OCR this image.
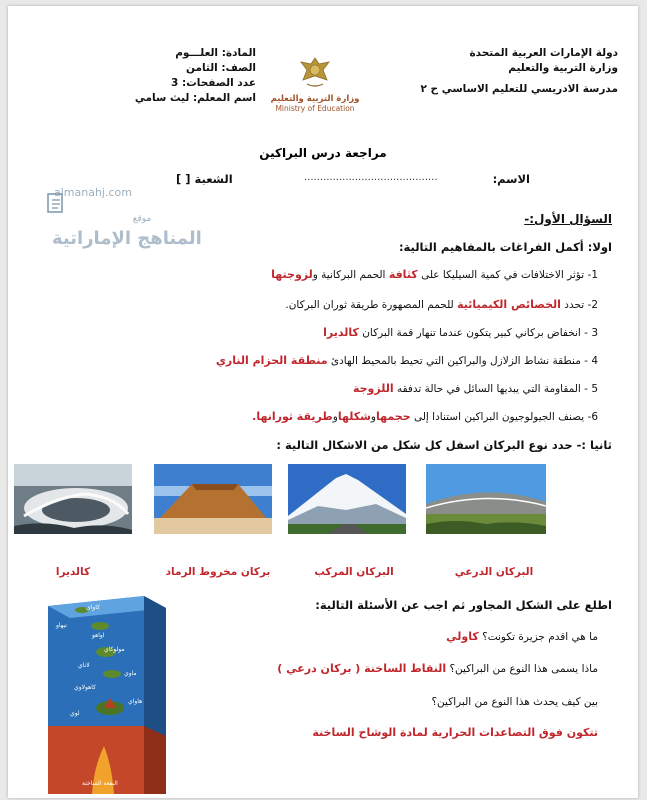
دولة الإمارات العربية المتحدة
وزارة التربية والتعليم
مدرسة الادريسي للتعليم الاساسي ح ٢
المادة: العلـــوم
الصف: الثامن
عدد الصفحات: 3
اسم المعلم: ليث سامي وزارة التربية والتعليم
Ministry of Education
مراجعة درس البراكين
الاسم:
..........................................
الشعبة [ ]
almanahj.com
موقع
المناهج الإماراتية
السؤال الأول:-
اولا: أكمل الفراغات بالمفاهيم التالية:
1- تؤثر الاختلافات في كمية السيليكا على كثافة الحمم البركانية ولزوجتها
2- تحدد الخصائص الكيميائية للحمم المصهورة طريقة ثوران البركان.
3 - انخفاض بركاني كبير يتكون عندما تنهار قمة البركان كالديرا
4 - منطقة نشاط الزلازل والبراكين التي تحيط بالمحيط الهادئ منطقة الحزام الناري
5 - المقاومة التي يبديها السائل في حالة تدفقه اللزوجة
6- يصنف الجيولوجيون البراكين استنادا إلى حجمهاوشكلهاوطريقة ثورانها.
ثانيا :- حدد نوع البركان اسفل كل شكل من الاشكال التالية :
البركان الدرعي
البركان المركب
بركان مخروط الرماد
كالديرا
اطلع على الشكل المجاور ثم اجب عن الأسئلة التالية:
ما هي اقدم جزيرة تكونت؟ كاولي
ماذا يسمى هذا النوع من البراكين؟ النقاط الساخنة ( بركان درعي )
بين كيف يحدث هذا النوع من البراكين؟
تتكون فوق التصاعدات الحرارية لمادة الوشاح الساخنة
كاواي
نيهاو
اواهو
مولوكاي
لاناي
ماوي
كاهولاوي
هاواي
لوي
البقعة الساخنة
